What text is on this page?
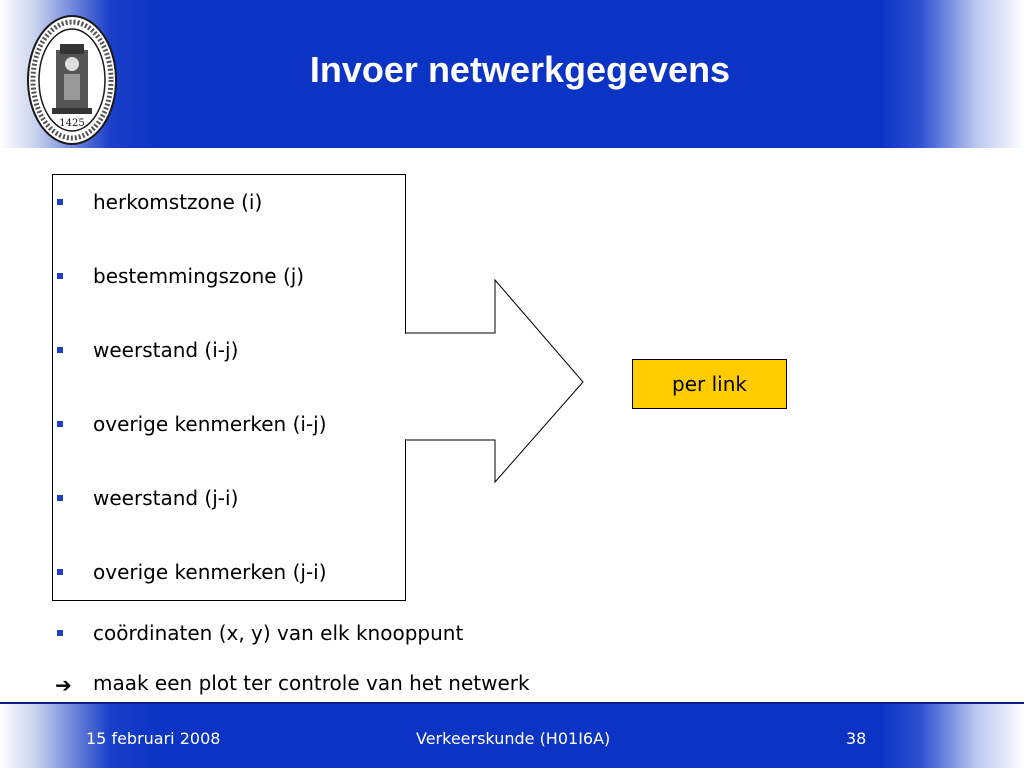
1425
Invoer netwerkgegevens
herkomstzone (i)
bestemmingszone (j)
weerstand (i-j)
overige kenmerken (i-j)
weerstand (j-i)
overige kenmerken (j-i)
coördinaten (x, y) van elk knooppunt
➔ maak een plot ter controle van het netwerk
per link
15 februari 2008	Verkeerskunde (H01I6A)	38
